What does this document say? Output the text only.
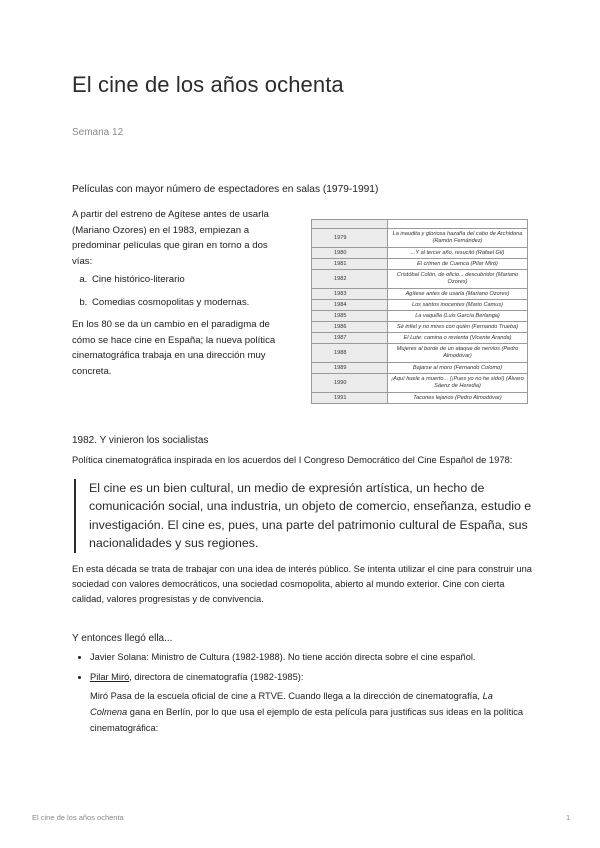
El cine de los años ochenta
Semana 12
Películas con mayor número de espectadores en salas (1979-1991)

A partir del estreno de Agítese antes de usarla (Mariano Ozores) en el 1983, empiezan a predominar películas que giran en torno a dos vías:

a. Cine histórico-literario
b. Comedias cosmopolitas y modernas.

En los 80 se da un cambio en el paradigma de cómo se hace cine en España; la nueva política cinematográfica trabaja en una dirección muy concreta.

1979	La inaudita y gloriosa hazaña del cabo de Archidona (Ramón Fernández)
1980	...Y al tercer año, resucitó (Rafael Gil)
1981	El crimen de Cuenca (Pilar Miró)
1982	Cristóbal Colón, de oficio... descubridor (Mariano Ozores)
1983	Agítese antes de usarla (Mariano Ozores)
1984	Los santos inocentes (Mario Camus)
1985	La vaquilla (Luis García Berlanga)
1986	Sé infiel y no mires con quién (Fernando Trueba)
1987	El Lute: camina o revienta (Vicente Aranda)
1988	Mujeres al borde de un ataque de nervios (Pedro Almodóvar)
1989	Bajarse al moro (Fernando Colomo)
1990	¡Aquí huele a muerto... (¡Pues yo no he sido!) (Álvaro Sáenz de Heredia)
1991	Tacones lejanos (Pedro Almodóvar)
1982. Y vinieron los socialistas
Política cinematográfica inspirada en los acuerdos del I Congreso Democrático del Cine Español de 1978:
El cine es un bien cultural, un medio de expresión artística, un hecho de comunicación social, una industria, un objeto de comercio, enseñanza, estudio e investigación. El cine es, pues, una parte del patrimonio cultural de España, sus nacionalidades y sus regiones.
En esta década se trata de trabajar con una idea de interés público. Se intenta utilizar el cine para construir una sociedad con valores democráticos, una sociedad cosmopolita, abierto al mundo exterior. Cine con cierta calidad, valores progresistas y de convivencia.
Y entonces llegó ella...
• Javier Solana: Ministro de Cultura (1982-1988). No tiene acción directa sobre el cine español.
• Pilar Miró, directora de cinematografía (1982-1985):
Miró Pasa de la escuela oficial de cine a RTVE. Cuando llega a la dirección de cinematografía, La Colmena gana en Berlín, por lo que usa el ejemplo de esta película para justificas sus ideas en la política cinematográfica:
El cine de los años ochenta	1
